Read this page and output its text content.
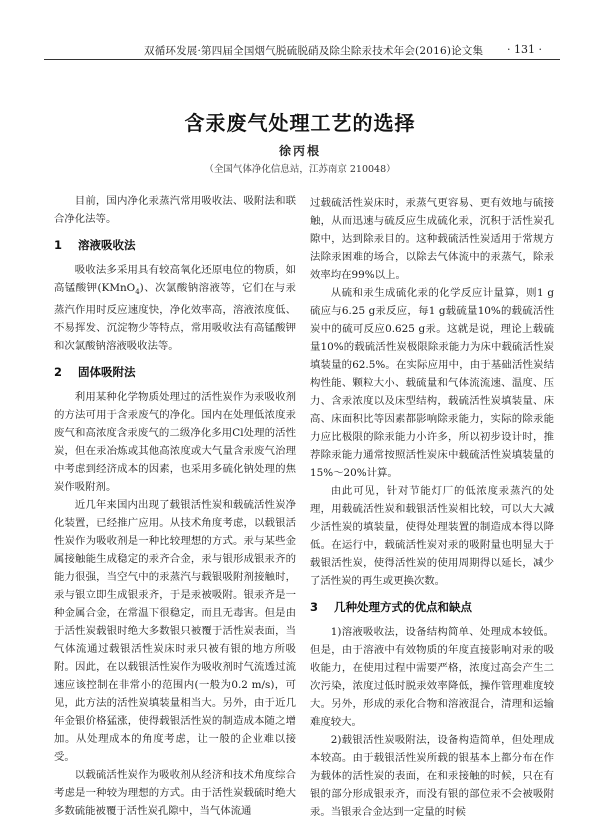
双循环发展·第四届全国烟气脱硫脱硝及除尘除汞技术年会(2016)论文集 · 131 ·
含汞废气处理工艺的选择
徐丙根
（全国气体净化信息站，江苏南京 210048）

目前，国内净化汞蒸汽常用吸收法、吸附法和联合净化法等。

1 溶液吸收法

吸收法多采用具有较高氧化还原电位的物质，如高锰酸钾(KMnO$_4$)、次氯酸钠溶液等，它们在与汞蒸汽作用时反应速度快，净化效率高，溶液浓度低、不易挥发、沉淀物少等特点，常用吸收法有高锰酸钾和次氯酸钠溶液吸收法等。

2 固体吸附法

利用某种化学物质处理过的活性炭作为汞吸收剂的方法可用于含汞废气的净化。国内在处理低浓度汞废气和高浓度含汞废气的二级净化多用Cl处理的活性炭，但在汞冶炼或其他高浓度或大气量含汞废气治理中考虑到经济成本的因素，也采用多硫化钠处理的焦炭作吸附剂。

近几年来国内出现了载银活性炭和载硫活性炭净化装置，已经推广应用。从技术角度考虑，以载银活性炭作为吸收剂是一种比较理想的方式。汞与某些金属接触能生成稳定的汞齐合金，汞与银形成银汞齐的能力很强，当空气中的汞蒸汽与载银吸附剂接触时，汞与银立即生成银汞齐，于是汞被吸附。银汞齐是一种金属合金，在常温下很稳定，而且无毒害。但是由于活性炭载银时绝大多数银只被覆于活性炭表面，当气体流通过载银活性炭床时汞只被有银的地方所吸附。因此，在以载银活性炭作为吸收剂时气流透过流速应该控制在非常小的范围内(一般为0.2 m/s)，可见，此方法的活性炭填装量相当大。另外，由于近几年金银价格猛涨，使得载银活性炭的制造成本随之增加。从处理成本的角度考虑，让一般的企业难以接受。

以载硫活性炭作为吸收剂从经济和技术角度综合考虑是一种较为理想的方式。由于活性炭载硫时绝大多数硫能被覆于活性炭孔隙中，当气体流通

过载硫活性炭床时，汞蒸气更容易、更有效地与硫接触，从而迅速与硫反应生成硫化汞，沉积于活性炭孔隙中，达到除汞目的。这种载硫活性炭适用于常规方法除汞困难的场合，以除去气体流中的汞蒸气，除汞效率均在99%以上。

从硫和汞生成硫化汞的化学反应计量算，则1 g硫应与6.25 g汞反应，每1 g载硫量10%的载硫活性炭中的硫可反应0.625 g汞。这就是说，理论上载硫量10%的载硫活性炭极限除汞能力为床中载硫活性炭填装量的62.5%。在实际应用中，由于基础活性炭结构性能、颗粒大小、载硫量和气体流流速、温度、压力、含汞浓度以及床型结构，载硫活性炭填装量、床高、床面积比等因素都影响除汞能力，实际的除汞能力应比极限的除汞能力小许多，所以初步设计时，推荐除汞能力通常按照活性炭床中载硫活性炭填装量的15%～20%计算。

由此可见，针对节能灯厂的低浓度汞蒸汽的处理，用载硫活性炭和载银活性炭相比较，可以大大减少活性炭的填装量，使得处理装置的制造成本得以降低。在运行中，载硫活性炭对汞的吸附量也明显大于载银活性炭，使得活性炭的使用周期得以延长，减少了活性炭的再生或更换次数。

3 几种处理方式的优点和缺点

1)溶液吸收法，设备结构简单、处理成本较低。但是，由于溶液中有效物质的年度直接影响对汞的吸收能力，在使用过程中需要严格，浓度过高会产生二次污染，浓度过低时脱汞效率降低，操作管理难度较大。另外，形成的汞化合物和溶液混合，清理和运输难度较大。

2)载银活性炭吸附法，设备构造简单，但处理成本较高。由于载银活性炭所载的银基本上都分布在作为载体的活性炭的表面，在和汞接触的时候，只在有银的部分形成银汞齐，而没有银的部位汞不会被吸附汞。当银汞合金达到一定量的时候
